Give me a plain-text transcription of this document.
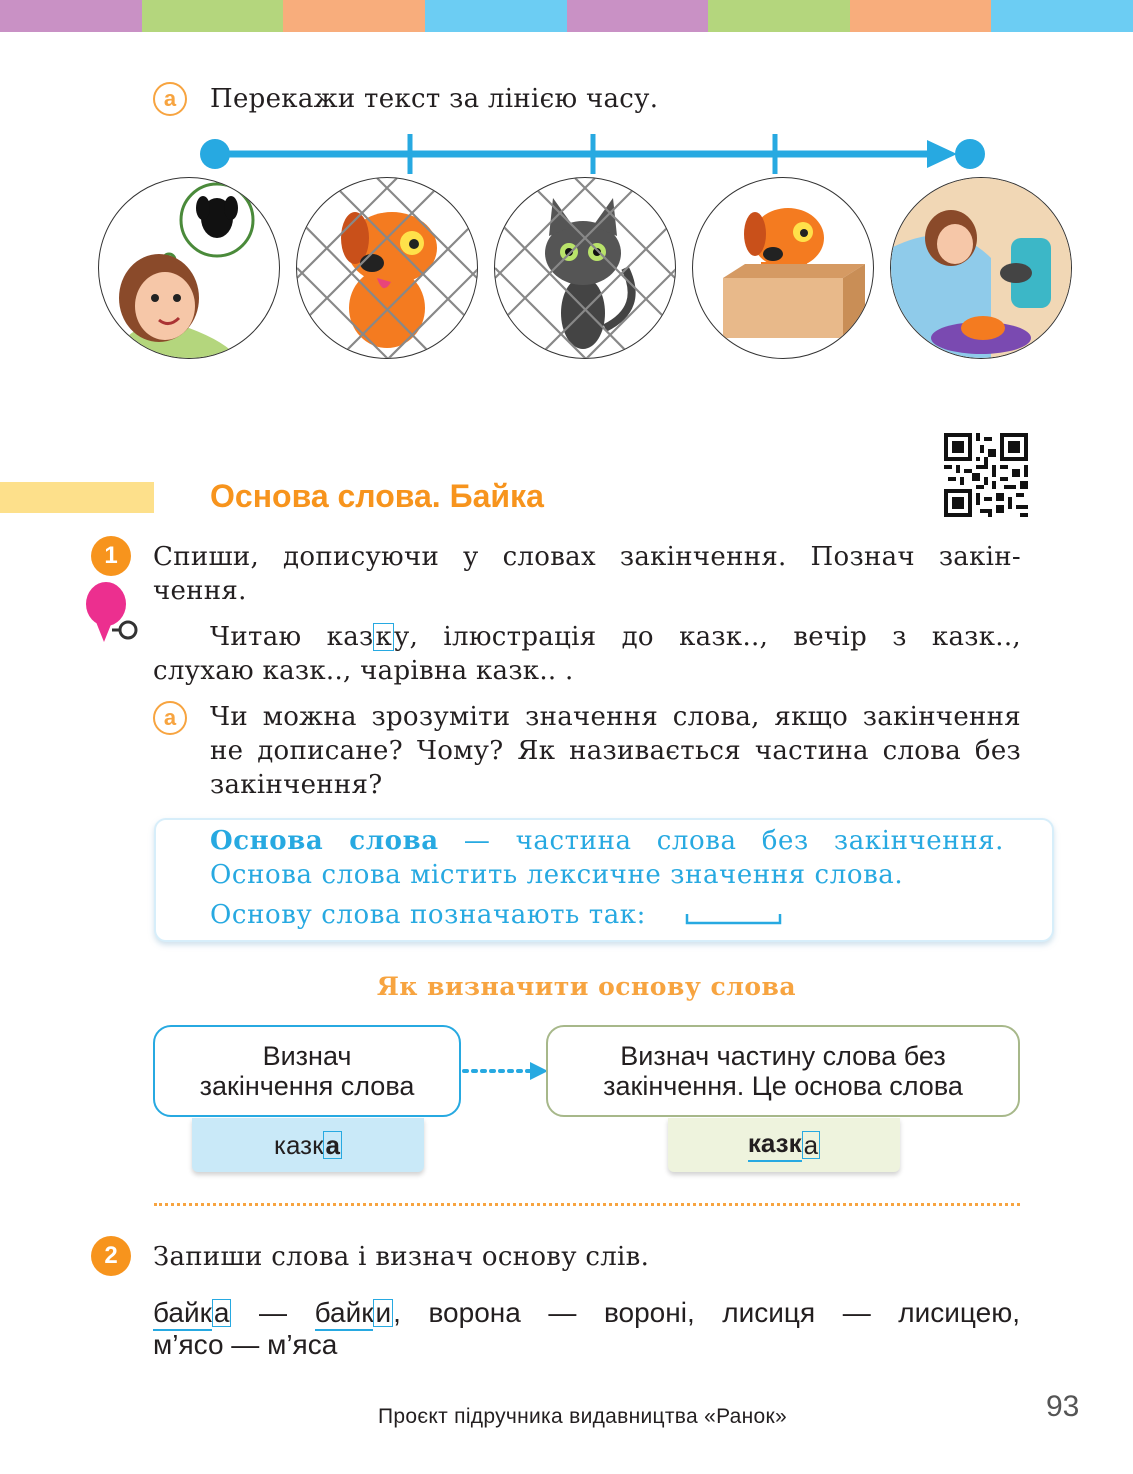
а	Перекажи текст за лінією часу.
Основа слова. Байка
1	Спиши, дописуючи у словах закінчення. Познач закін-
чення.
Читаю казку, ілюстрація до казк.., вечір з казк..,
слухаю казк.., чарівна казк.. .
а	Чи можна зрозуміти значення слова, якщо закінчення
не дописане? Чому? Як називається частина слова без
закінчення?
Основа слова — частина слова без закінчення.
Основа слова містить лексичне значення слова.
Основу слова позначають так:
Як визначити основу слова
казк а
Визнач
закінчення слова
казк а
Визнач частину слова без
закінчення. Це основа слова
2	Запиши слова і визнач основу слів.
байка — байки, ворона — вороні, лисиця — лисицею,
м’ясо — м’яса
Проєкт підручника видавництва «Ранок»	93
